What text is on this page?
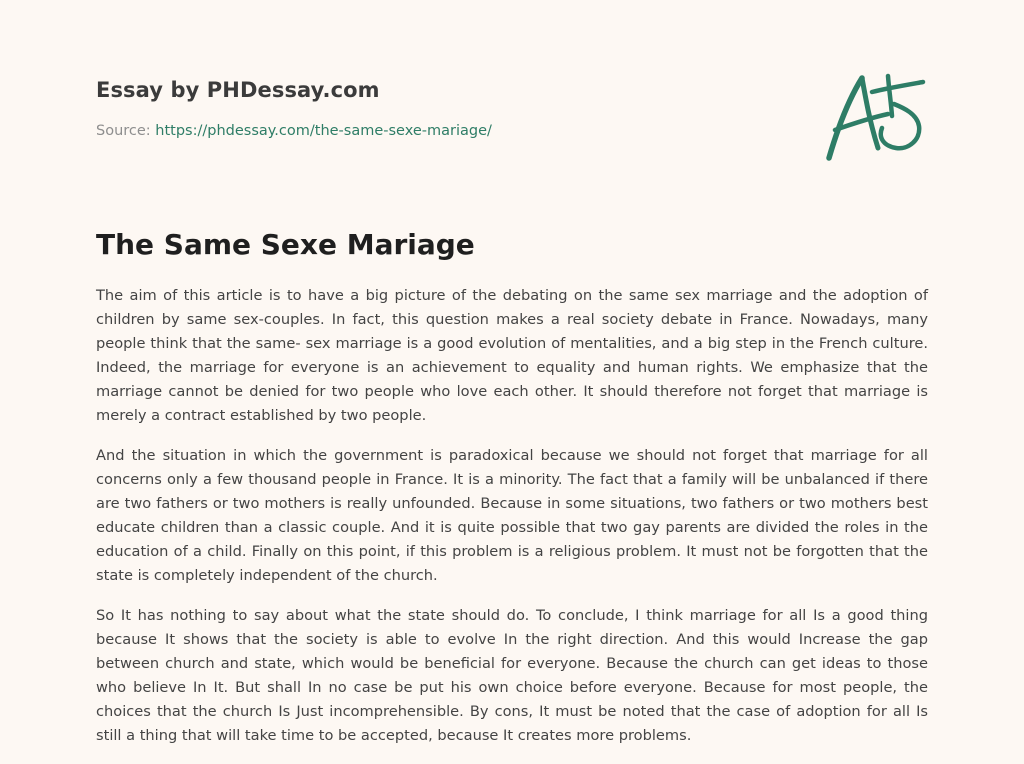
Essay by PHDessay.com
Source: https://phdessay.com/the-same-sexe-mariage/
The Same Sexe Mariage

The aim of this article is to have a big picture of the debating on the same sex marriage and the adoption of children by same sex-couples. In fact, this question makes a real society debate in France. Nowadays, many people think that the same- sex marriage is a good evolution of mentalities, and a big step in the French culture. Indeed, the marriage for everyone is an achievement to equality and human rights. We emphasize that the marriage cannot be denied for two people who love each other. It should therefore not forget that marriage is merely a contract established by two people.

And the situation in which the government is paradoxical because we should not forget that marriage for all concerns only a few thousand people in France. It is a minority. The fact that a family will be unbalanced if there are two fathers or two mothers is really unfounded. Because in some situations, two fathers or two mothers best educate children than a classic couple. And it is quite possible that two gay parents are divided the roles in the education of a child. Finally on this point, if this problem is a religious problem. It must not be forgotten that the state is completely independent of the church.

So It has nothing to say about what the state should do. To conclude, I think marriage for all Is a good thing because It shows that the society is able to evolve In the right direction. And this would Increase the gap between church and state, which would be beneficial for everyone. Because the church can get ideas to those who believe In It. But shall In no case be put his own choice before everyone. Because for most people, the choices that the church Is Just incomprehensible. By cons, It must be noted that the case of adoption for all Is still a thing that will take time to be accepted, because It creates more problems.
